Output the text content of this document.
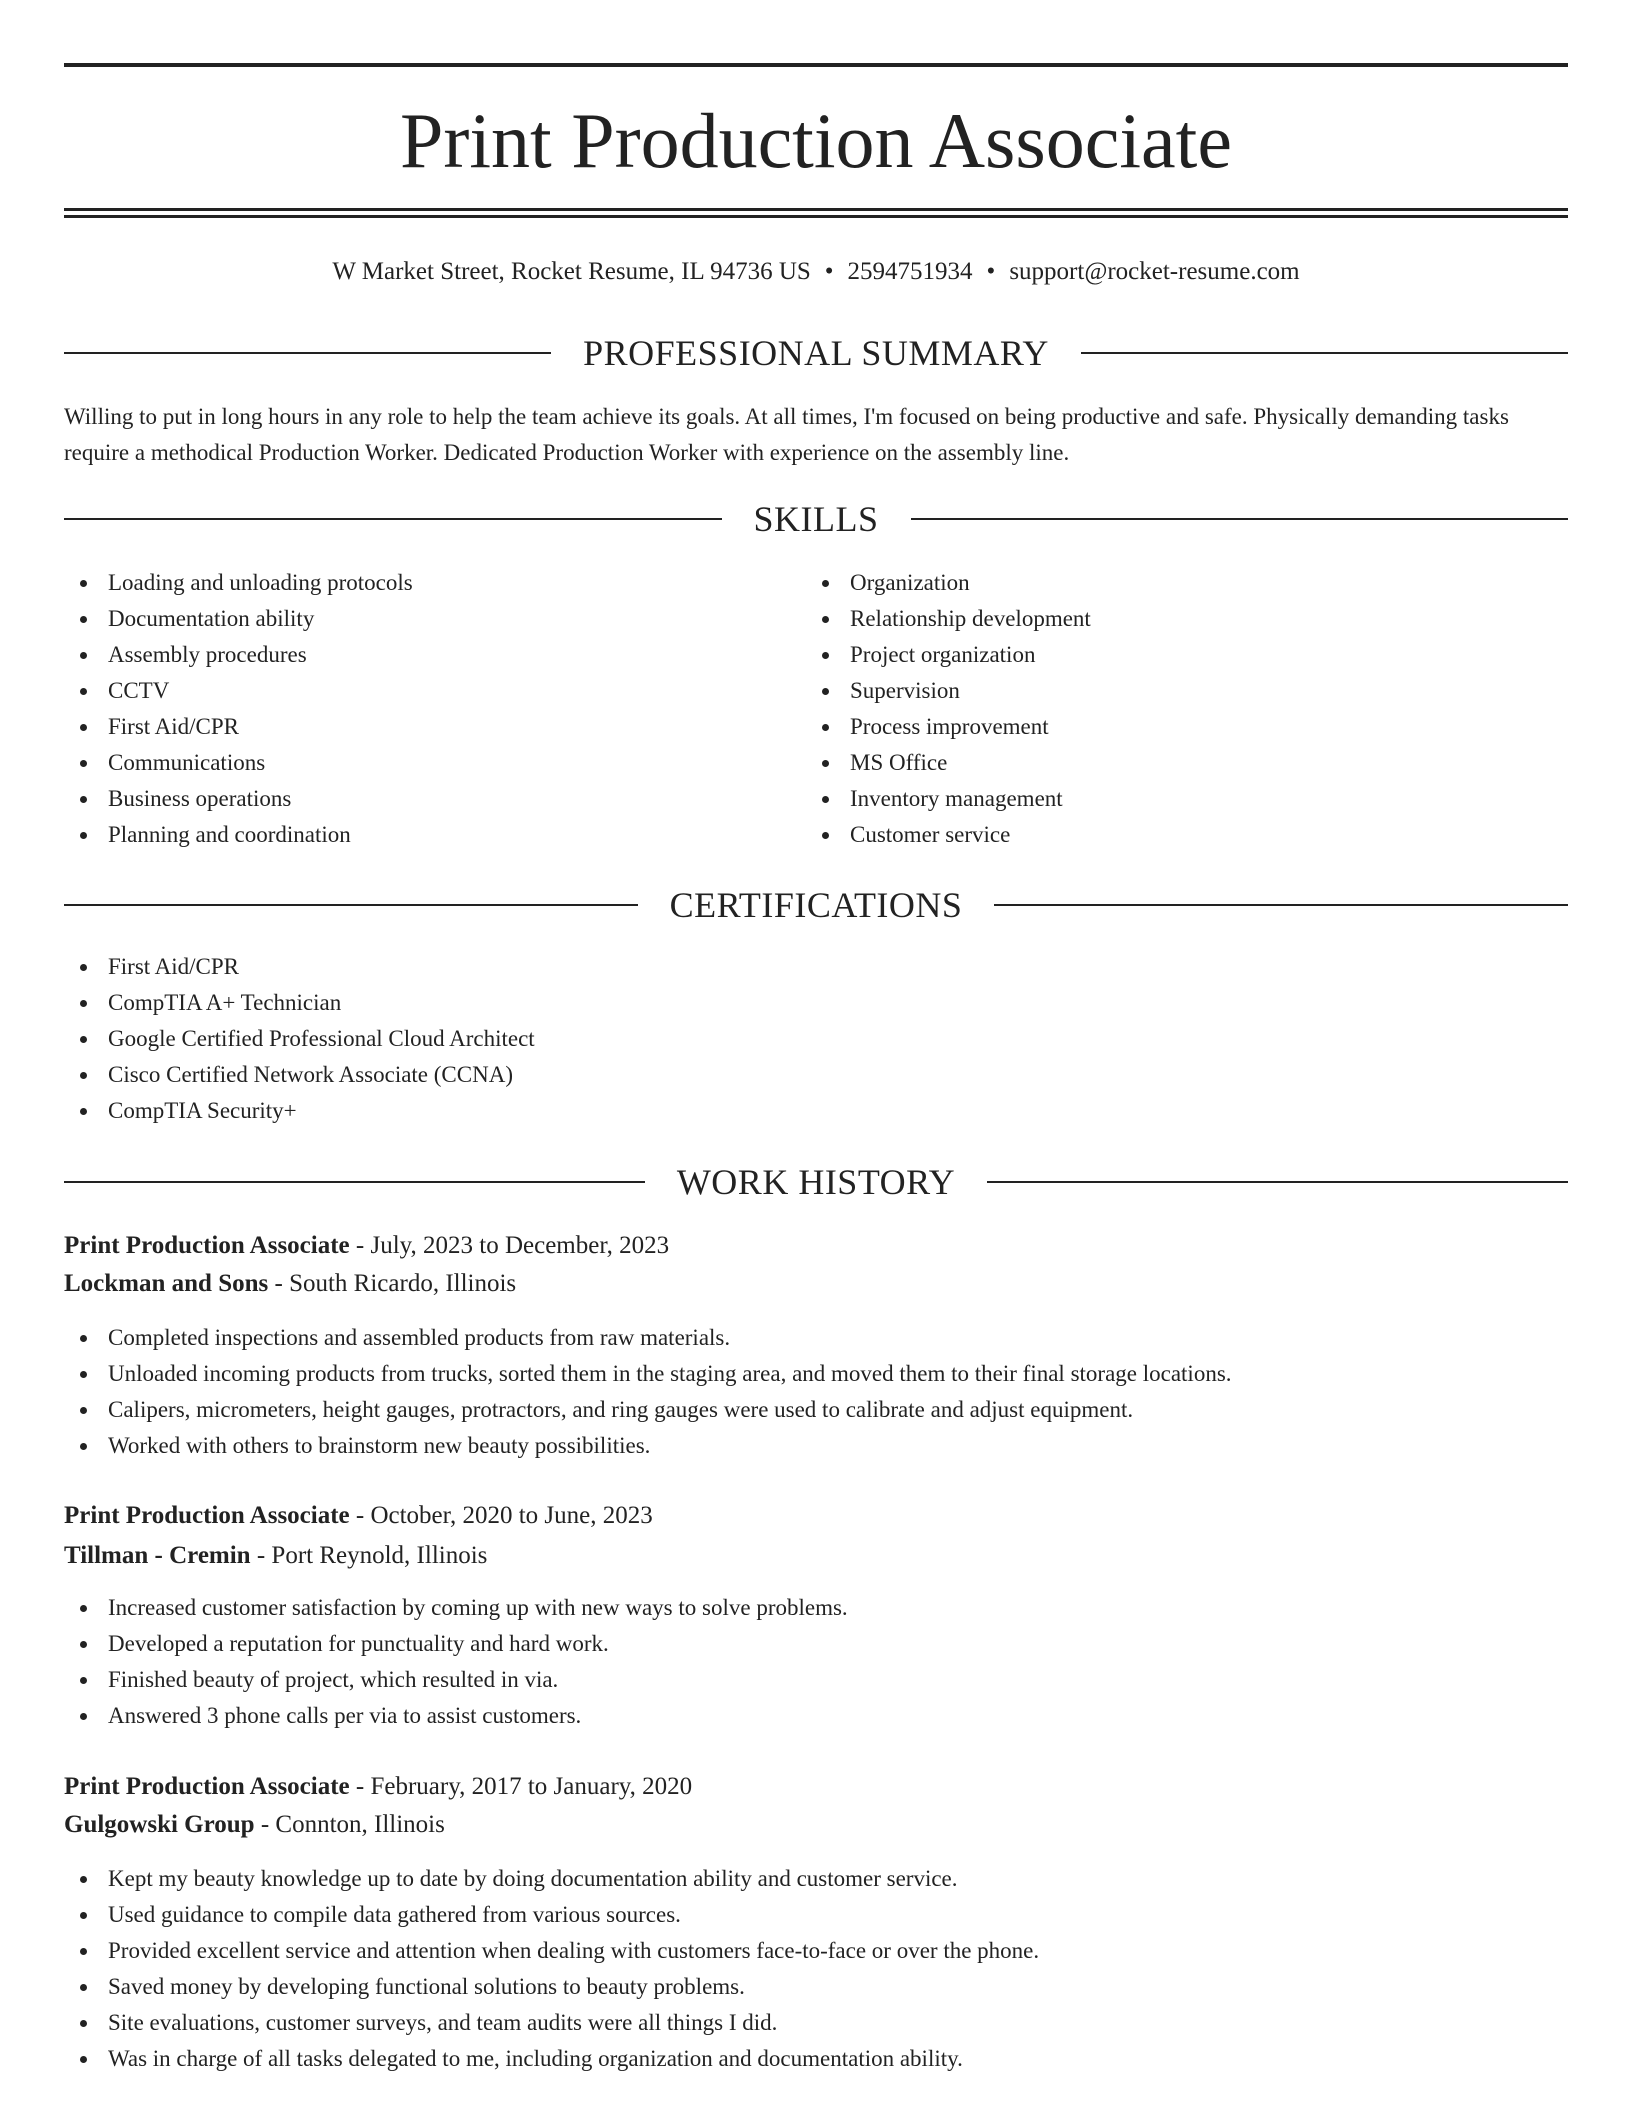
Print Production Associate
W Market Street, Rocket Resume, IL 94736 US • 2594751934 • support@rocket-resume.com
PROFESSIONAL SUMMARY

Willing to put in long hours in any role to help the team achieve its goals. At all times, I'm focused on being productive and safe. Physically demanding tasks require a methodical Production Worker. Dedicated Production Worker with experience on the assembly line.

SKILLS
Loading and unloading protocols
Documentation ability
Assembly procedures
CCTV
First Aid/CPR
Communications
Business operations
Planning and coordination
Organization
Relationship development
Project organization
Supervision
Process improvement
MS Office
Inventory management
Customer service
CERTIFICATIONS
First Aid/CPR
CompTIA A+ Technician
Google Certified Professional Cloud Architect
Cisco Certified Network Associate (CCNA)
CompTIA Security+
WORK HISTORY

Print Production Associate - July, 2023 to December, 2023

Lockman and Sons - South Ricardo, Illinois

Completed inspections and assembled products from raw materials.
Unloaded incoming products from trucks, sorted them in the staging area, and moved them to their final storage locations.
Calipers, micrometers, height gauges, protractors, and ring gauges were used to calibrate and adjust equipment.
Worked with others to brainstorm new beauty possibilities.

Print Production Associate - October, 2020 to June, 2023

Tillman - Cremin - Port Reynold, Illinois

Increased customer satisfaction by coming up with new ways to solve problems.
Developed a reputation for punctuality and hard work.
Finished beauty of project, which resulted in via.
Answered 3 phone calls per via to assist customers.

Print Production Associate - February, 2017 to January, 2020

Gulgowski Group - Connton, Illinois

Kept my beauty knowledge up to date by doing documentation ability and customer service.
Used guidance to compile data gathered from various sources.
Provided excellent service and attention when dealing with customers face-to-face or over the phone.
Saved money by developing functional solutions to beauty problems.
Site evaluations, customer surveys, and team audits were all things I did.
Was in charge of all tasks delegated to me, including organization and documentation ability.
